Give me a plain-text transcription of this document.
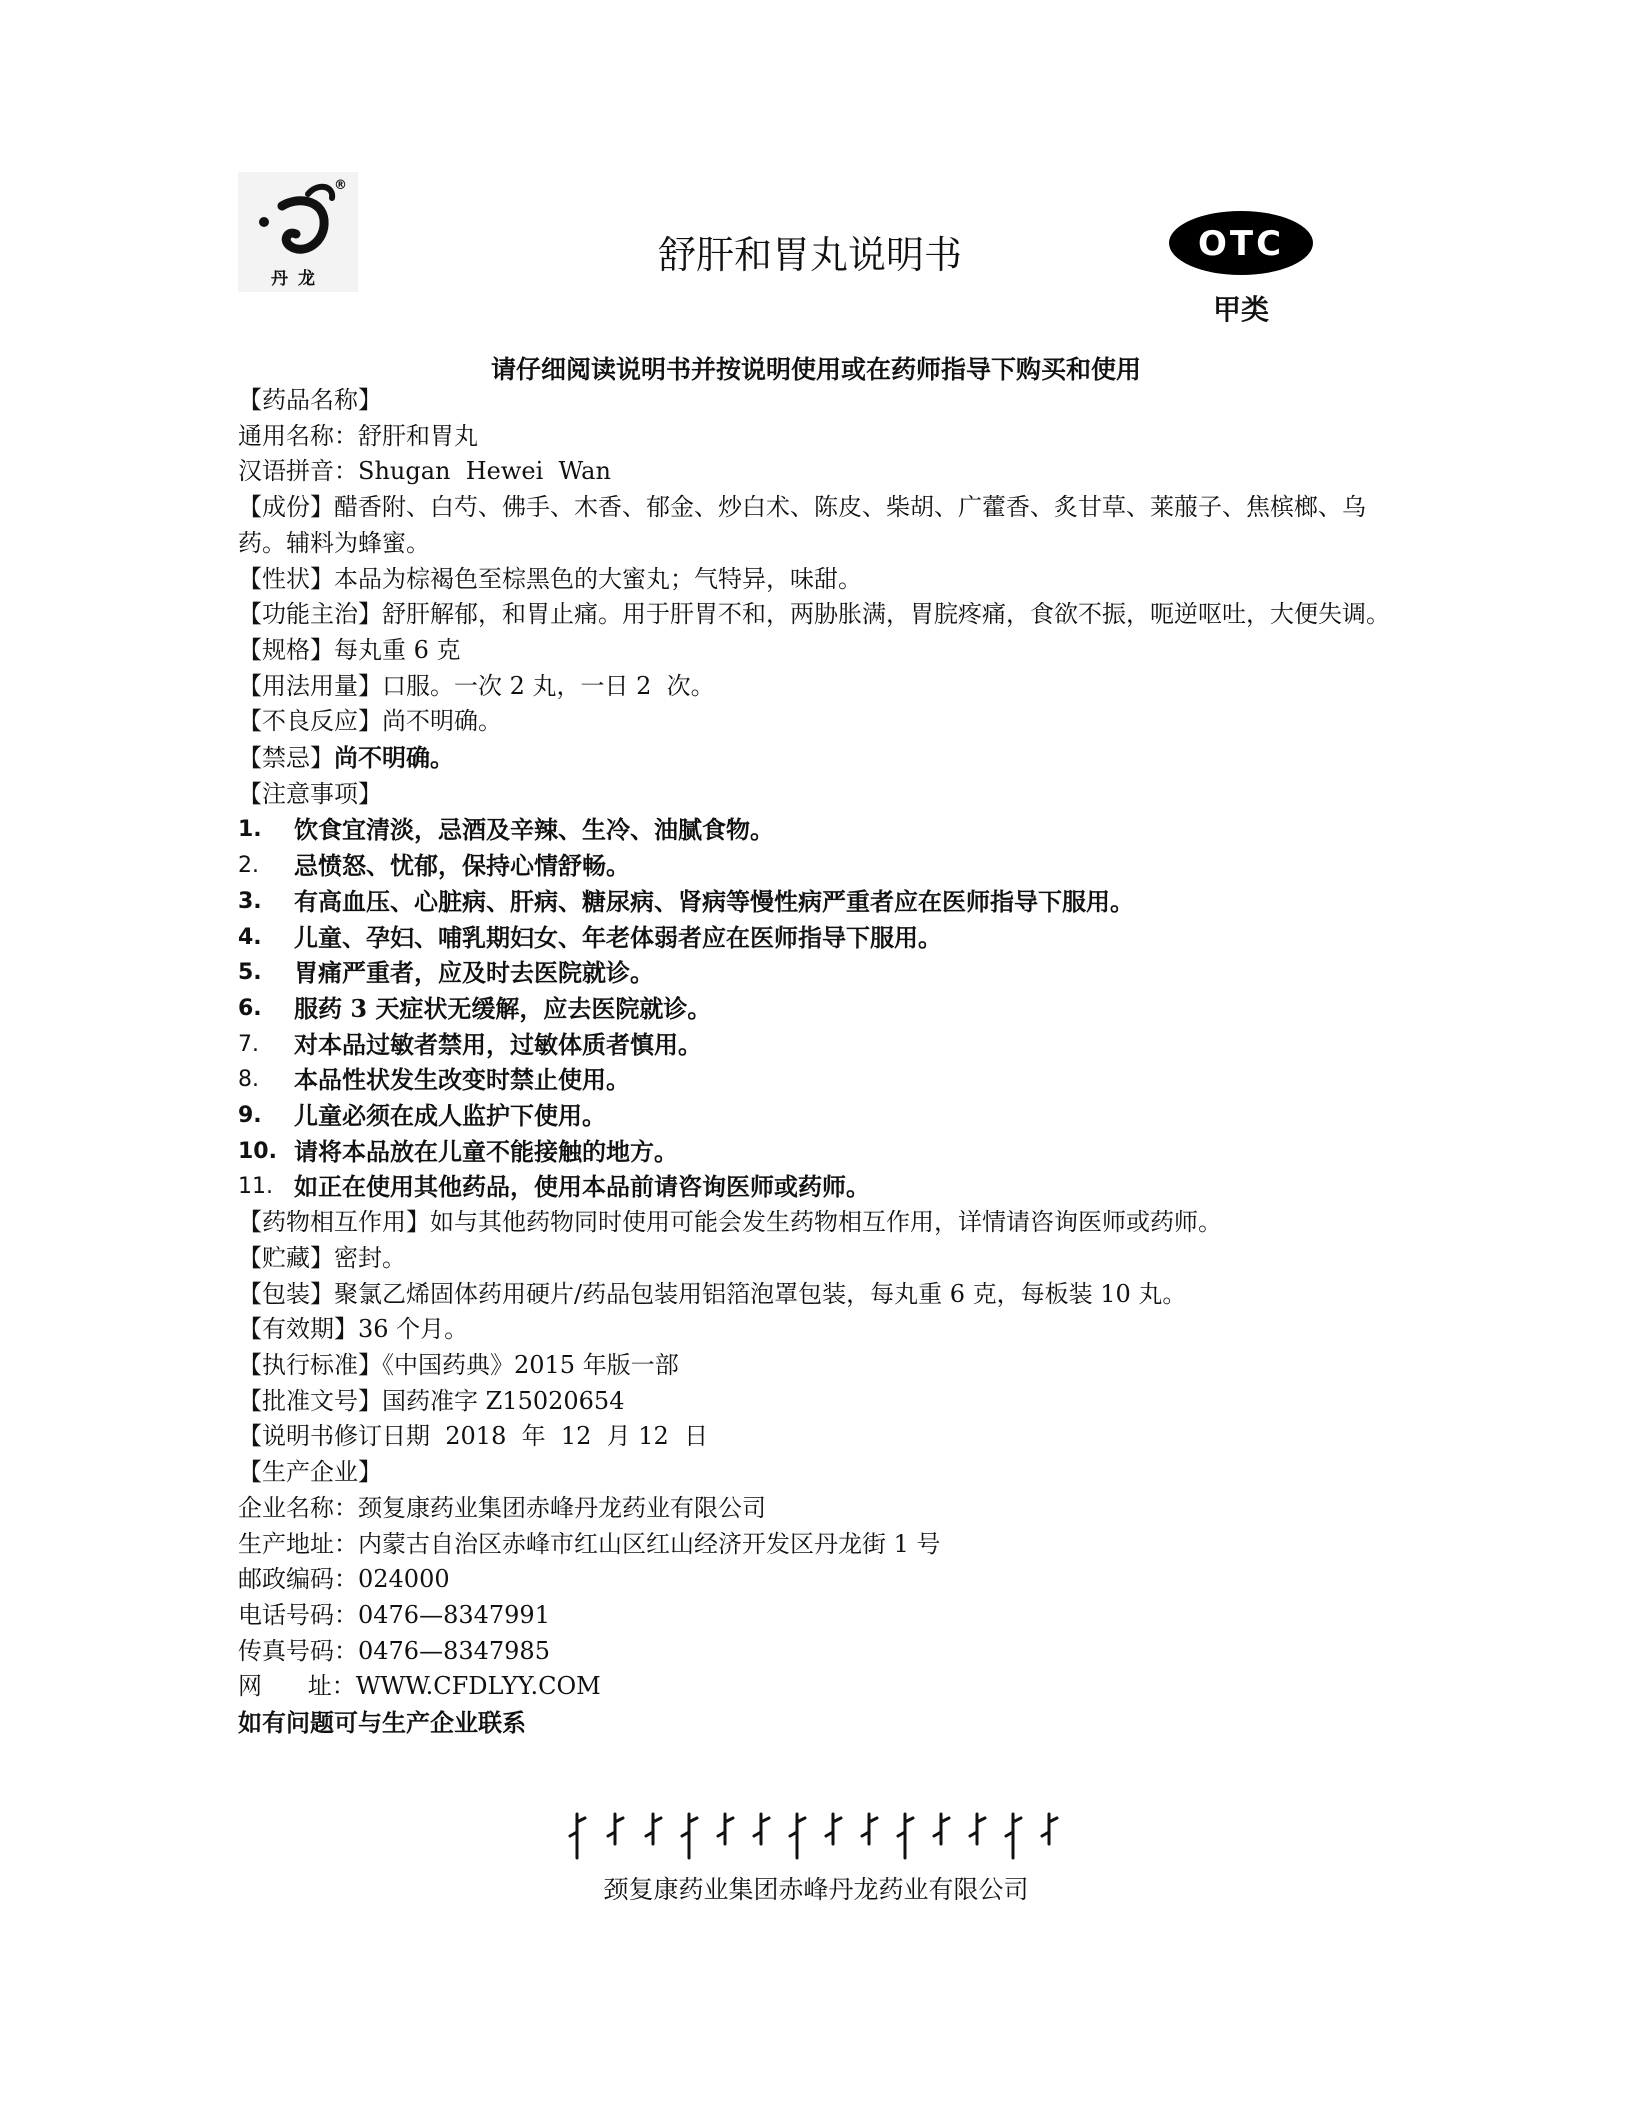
®
丹龙
舒肝和胃丸说明书	OTC
甲类
请仔细阅读说明书并按说明使用或在药师指导下购买和使用
【药品名称】
通用名称：舒肝和胃丸
汉语拼音：Shugan  Hewei  Wan
【成份】醋香附、白芍、佛手、木香、郁金、炒白术、陈皮、柴胡、广藿香、炙甘草、莱菔子、焦槟榔、乌药。辅料为蜂蜜。
【性状】本品为棕褐色至棕黑色的大蜜丸；气特异，味甜。
【功能主治】舒肝解郁，和胃止痛。用于肝胃不和，两胁胀满，胃脘疼痛，食欲不振，呃逆呕吐，大便失调。
【规格】每丸重 6 克
【用法用量】口服。一次 2 丸，一日 2  次。
【不良反应】尚不明确。
【禁忌】尚不明确。
【注意事项】
1.	饮食宜清淡，忌酒及辛辣、生冷、油腻食物。
2.	忌愤怒、忧郁，保持心情舒畅。
3.	有高血压、心脏病、肝病、糖尿病、肾病等慢性病严重者应在医师指导下服用。
4.	儿童、孕妇、哺乳期妇女、年老体弱者应在医师指导下服用。
5.	胃痛严重者，应及时去医院就诊。
6.	服药 3 天症状无缓解，应去医院就诊。
7.	对本品过敏者禁用，过敏体质者慎用。
8.	本品性状发生改变时禁止使用。
9.	儿童必须在成人监护下使用。
10. 请将本品放在儿童不能接触的地方。
11. 如正在使用其他药品，使用本品前请咨询医师或药师。
【药物相互作用】如与其他药物同时使用可能会发生药物相互作用，详情请咨询医师或药师。
【贮藏】密封。
【包装】聚氯乙烯固体药用硬片/药品包装用铝箔泡罩包装，每丸重 6 克，每板装 10 丸。
【有效期】36 个月。
【执行标准】《中国药典》2015 年版一部
【批准文号】国药准字 Z15020654
【说明书修订日期  2018  年  12  月 12  日
【生产企业】
企业名称：颈复康药业集团赤峰丹龙药业有限公司
生产地址：内蒙古自治区赤峰市红山区红山经济开发区丹龙街 1 号
邮政编码：024000
电话号码：0476—8347991
传真号码：0476—8347985
网      址：WWW.CFDLYY.COM
如有问题可与生产企业联系
颈复康药业集团赤峰丹龙药业有限公司
